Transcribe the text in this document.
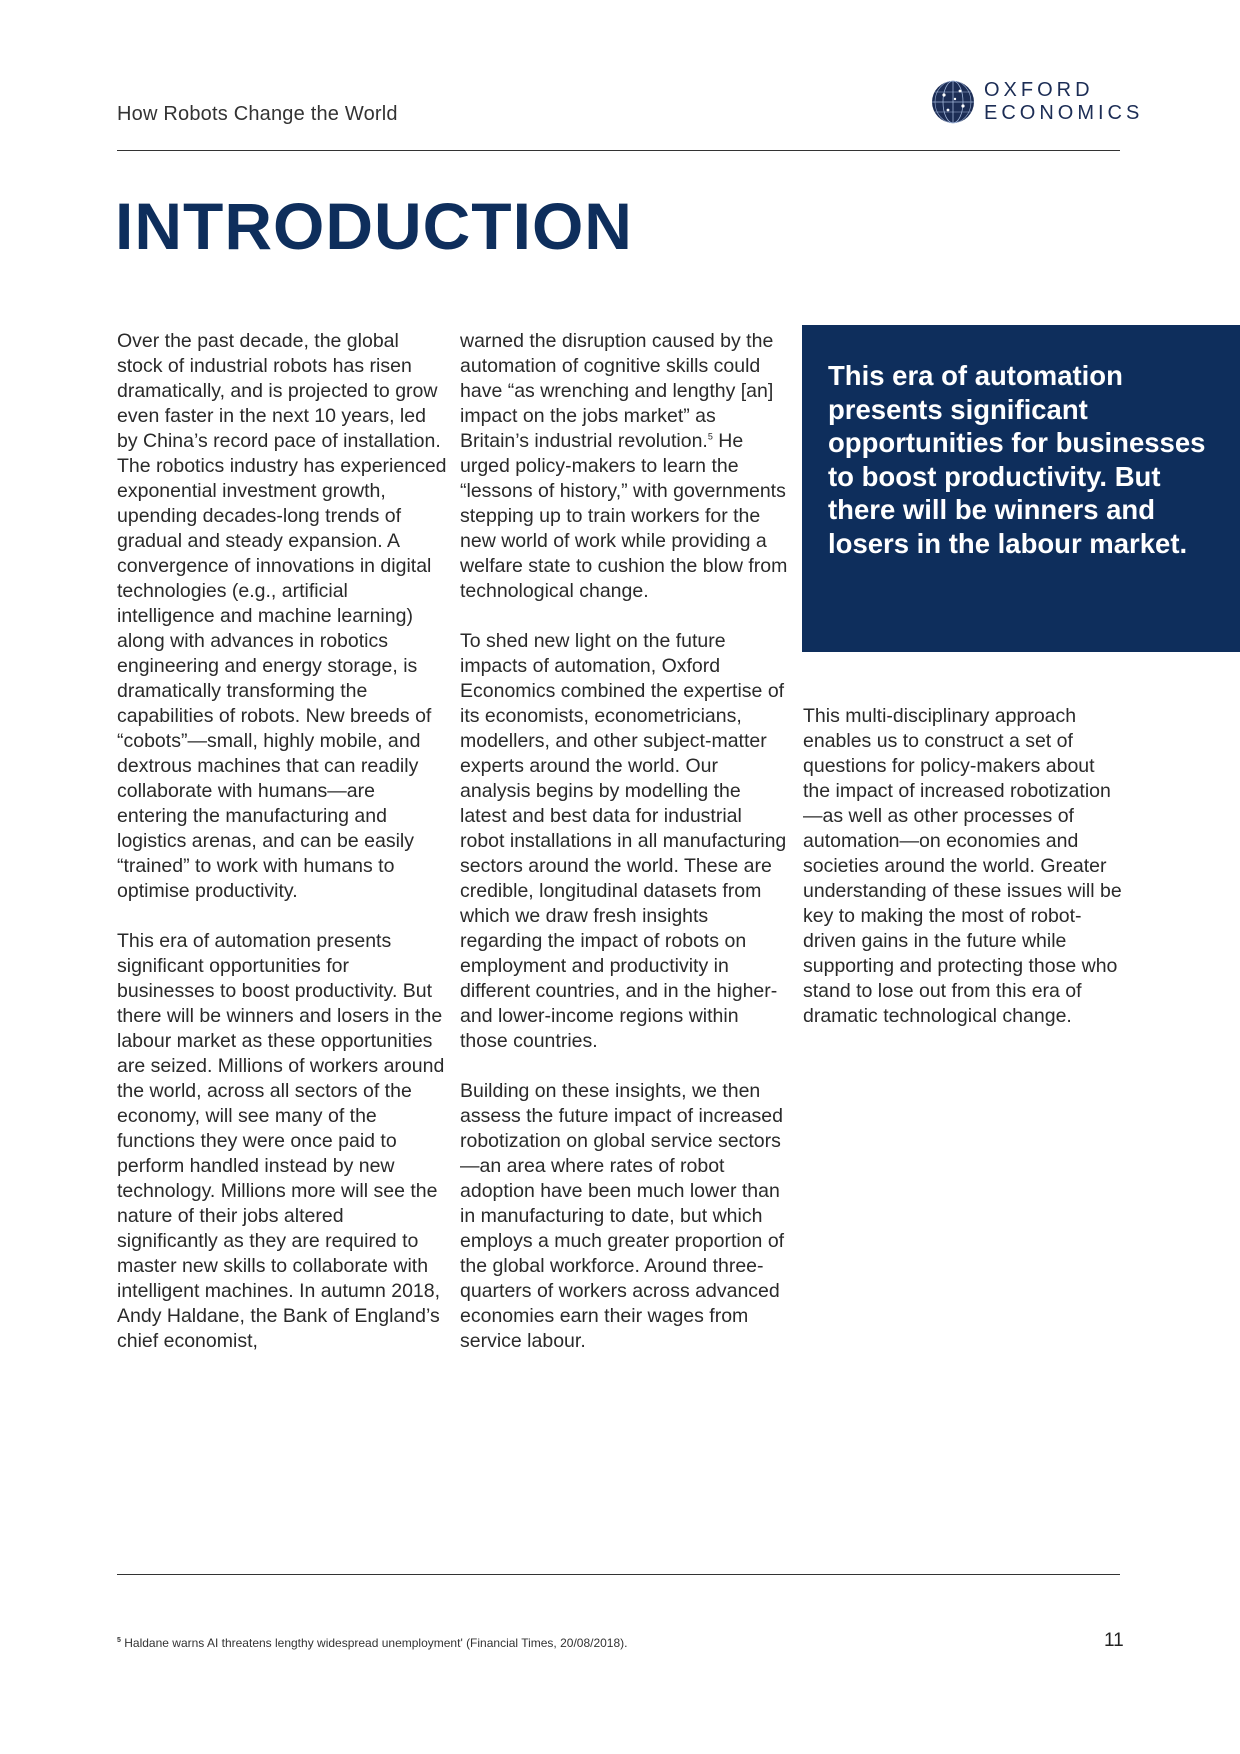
How Robots Change the World
OXFORD
ECONOMICS
INTRODUCTION

Over the past decade, the global stock of industrial robots has risen dramatically, and is projected to grow even faster in the next 10 years, led by China’s record pace of installation. The robotics industry has experienced exponential investment growth, upending decades-long trends of gradual and steady expansion. A convergence of innovations in digital technologies (e.g., artificial intelligence and machine learning) along with advances in robotics engineering and energy storage, is dramatically transforming the capabilities of robots. New breeds of “cobots”—small, highly mobile, and dextrous machines that can readily collaborate with humans—are entering the manufacturing and logistics arenas, and can be easily “trained” to work with humans to optimise productivity.

This era of automation presents significant opportunities for businesses to boost productivity. But there will be winners and losers in the labour market as these opportunities are seized. Millions of workers around the world, across all sectors of the economy, will see many of the functions they were once paid to perform handled instead by new technology. Millions more will see the nature of their jobs altered significantly as they are required to master new skills to collaborate with intelligent machines. In autumn 2018, Andy Haldane, the Bank of England’s chief economist,

warned the disruption caused by the automation of cognitive skills could have “as wrenching and lengthy [an] impact on the jobs market” as Britain’s industrial revolution.$^5$ He urged policy-makers to learn the “lessons of history,” with governments stepping up to train workers for the new world of work while providing a welfare state to cushion the blow from technological change.

To shed new light on the future impacts of automation, Oxford Economics combined the expertise of its economists, econometricians, modellers, and other subject-matter experts around the world. Our analysis begins by modelling the latest and best data for industrial robot installations in all manufacturing sectors around the world. These are credible, longitudinal datasets from which we draw fresh insights regarding the impact of robots on employment and productivity in different countries, and in the higher- and lower-income regions within those countries.

Building on these insights, we then assess the future impact of increased robotization on global service sectors—an area where rates of robot adoption have been much lower than in manufacturing to date, but which employs a much greater proportion of the global workforce. Around three-quarters of workers across advanced economies earn their wages from service labour.

This era of automation presents significant opportunities for businesses to boost productivity. But there will be winners and losers in the labour market.

This multi-disciplinary approach enables us to construct a set of questions for policy-makers about the impact of increased robotization—as well as other processes of automation—on economies and societies around the world. Greater understanding of these issues will be key to making the most of robot-driven gains in the future while supporting and protecting those who stand to lose out from this era of dramatic technological change.

$^5$ Haldane warns AI threatens lengthy widespread unemployment' (Financial Times, 20/08/2018).	11
